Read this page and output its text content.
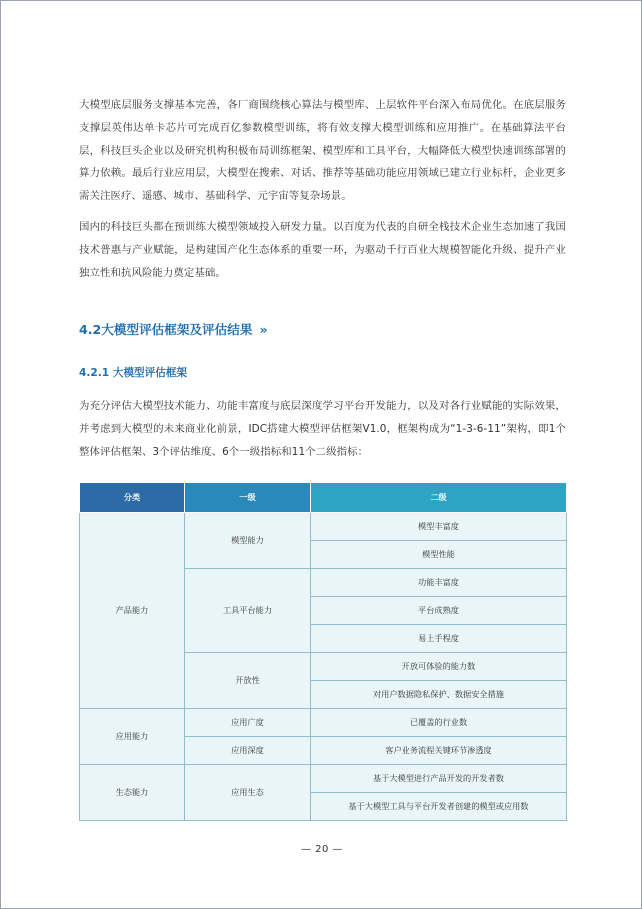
大模型底层服务支撑基本完善，各厂商围绕核心算法与模型库、上层软件平台深入布局优化。在底层服务支撑层英伟达单卡芯片可完成百亿参数模型训练，将有效支撑大模型训练和应用推广。在基础算法平台层，科技巨头企业以及研究机构积极布局训练框架、模型库和工具平台，大幅降低大模型快速训练部署的算力依赖。最后行业应用层，大模型在搜索、对话、推荐等基础功能应用领域已建立行业标杆，企业更多需关注医疗、遥感、城市、基础科学、元宇宙等复杂场景。

国内的科技巨头都在预训练大模型领域投入研发力量。以百度为代表的自研全栈技术企业生态加速了我国技术普惠与产业赋能，是构建国产化生态体系的重要一环，为驱动千行百业大规模智能化升级、提升产业独立性和抗风险能力奠定基础。

4.2大模型评估框架及评估结果 »
4.2.1 大模型评估框架

为充分评估大模型技术能力、功能丰富度与底层深度学习平台开发能力，以及对各行业赋能的实际效果，并考虑到大模型的未来商业化前景，IDC搭建大模型评估框架V1.0，框架构成为“1-3-6-11”架构，即1个整体评估框架、3个评估维度、6个一级指标和11个二级指标：

分类	一级	二级
产品能力	模型能力	模型丰富度
		模型性能
	工具平台能力	功能丰富度
		平台成熟度
		易上手程度
	开放性	开放可体验的能力数
		对用户数据隐私保护、数据安全措施
应用能力	应用广度	已覆盖的行业数
	应用深度	客户业务流程关键环节渗透度
生态能力	应用生态	基于大模型进行产品开发的开发者数
		基于大模型工具与平台开发者创建的模型或应用数
— 20 —
